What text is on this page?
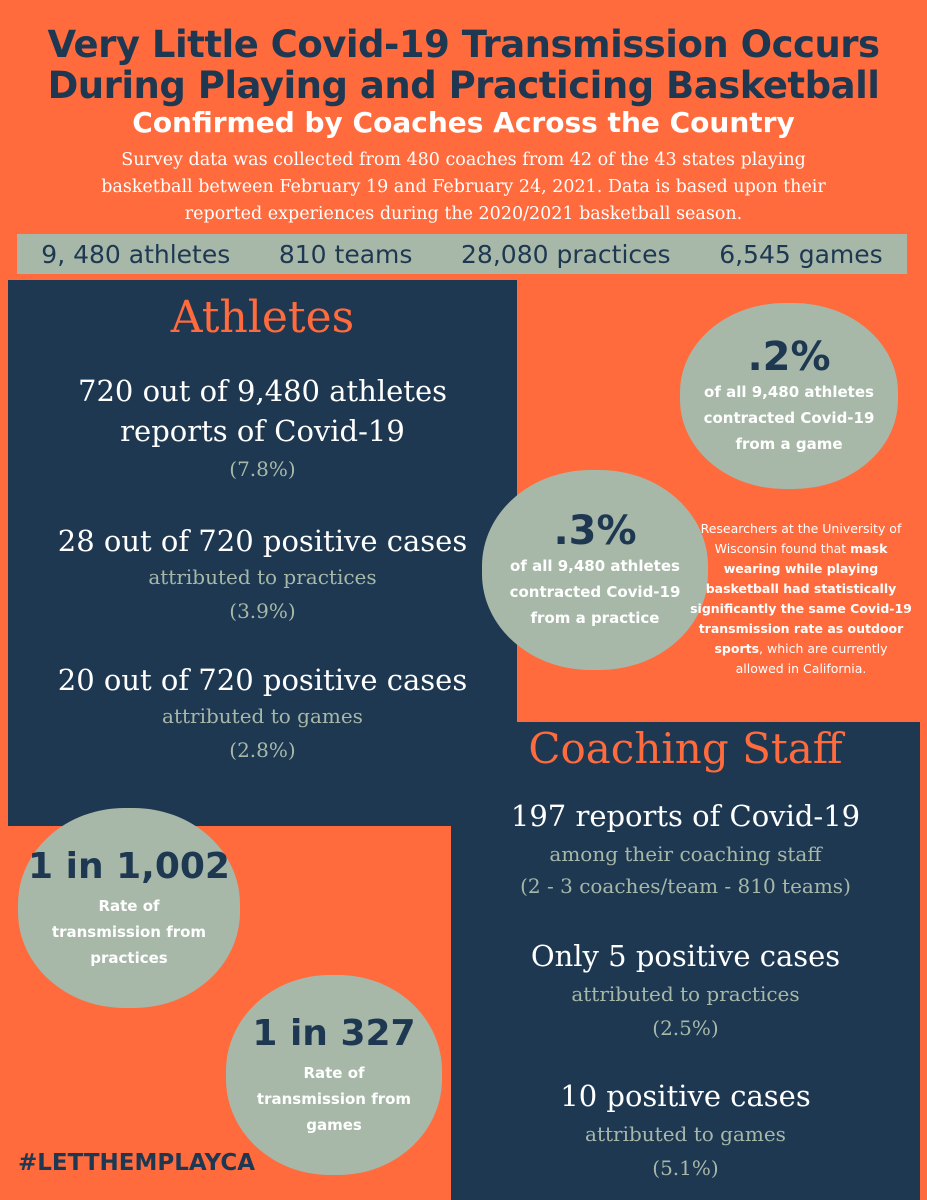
Very Little Covid-19 Transmission Occurs
During Playing and Practicing Basketball
Confirmed by Coaches Across the Country
Survey data was collected from 480 coaches from 42 of the 43 states playing
basketball between February 19 and February 24, 2021. Data is based upon their
reported experiences during the 2020/2021 basketball season.
9, 480 athletes 810 teams 28,080 practices 6,545 games
Athletes
720 out of 9,480 athletes
reports of Covid-19
(7.8%)
28 out of 720 positive cases
attributed to practices
(3.9%)
20 out of 720 positive cases
attributed to games
(2.8%)
.2%
of all 9,480 athletes
contracted Covid-19
from a game
.3%
of all 9,480 athletes
contracted Covid-19
from a practice
1 in 1,002
Rate of
transmission from
practices
1 in 327
Rate of
transmission from
games
Researchers at the University of Wisconsin found that mask wearing while playing basketball had statistically significantly the same Covid-19 transmission rate as outdoor sports, which are currently allowed in California.
Coaching Staff
197 reports of Covid-19
among their coaching staff
(2 - 3 coaches/team - 810 teams)
Only 5 positive cases
attributed to practices
(2.5%)
10 positive cases
attributed to games
(5.1%)
#LETTHEMPLAYCA
